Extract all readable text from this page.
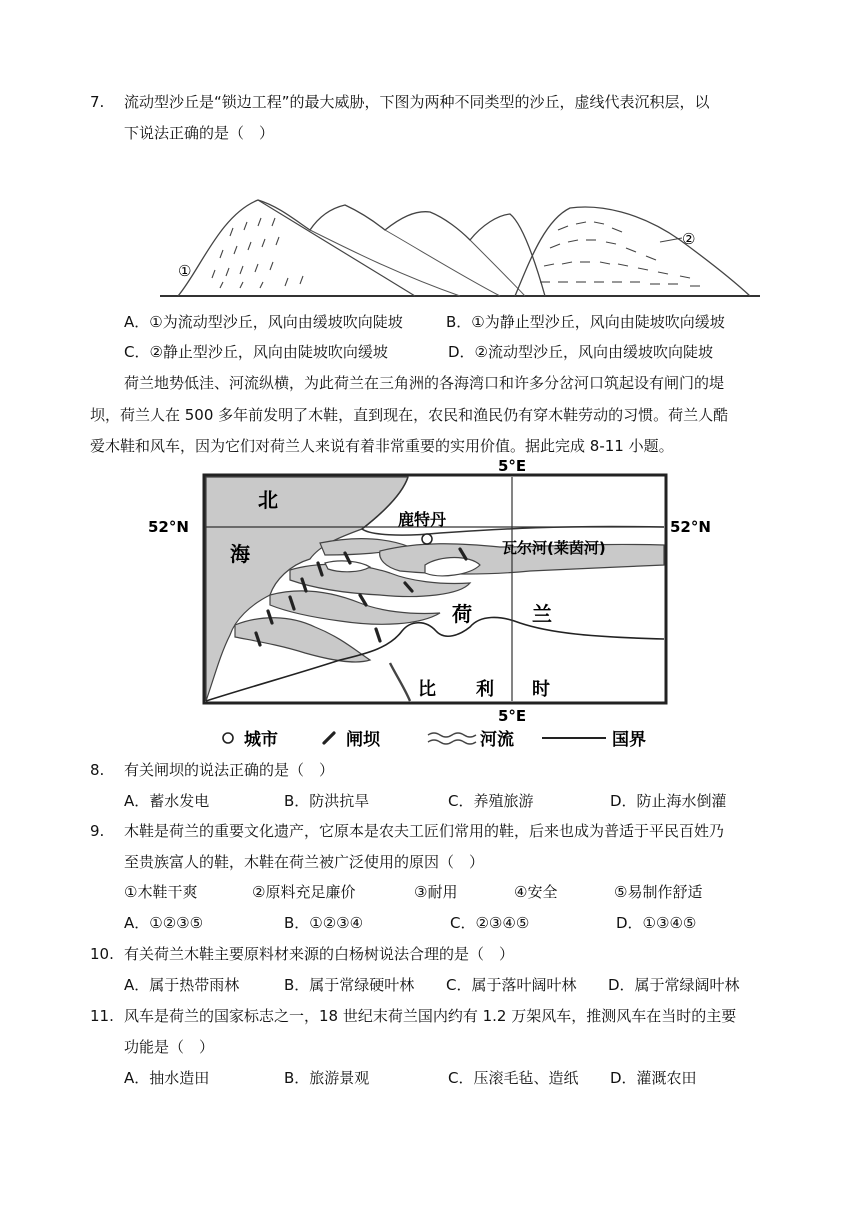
7. 流动型沙丘是“锁边工程”的最大威胁，下图为两种不同类型的沙丘，虚线代表沉积层，以
下说法正确的是（　）
①
②
A．①为流动型沙丘，风向由缓坡吹向陡坡	B．①为静止型沙丘，风向由陡坡吹向缓坡
C．②静止型沙丘，风向由陡坡吹向缓坡	D．②流动型沙丘，风向由缓坡吹向陡坡
荷兰地势低洼、河流纵横，为此荷兰在三角洲的各海湾口和许多分岔河口筑起设有闸门的堤
坝，荷兰人在 500 多年前发明了木鞋，直到现在，农民和渔民仍有穿木鞋劳动的习惯。荷兰人酷
爱木鞋和风车，因为它们对荷兰人来说有着非常重要的实用价值。据此完成 8-11 小题。
5°E
5°E
52°N	52°N
北
海
鹿特丹
瓦尔河(莱茵河)
荷	兰
比 利 时
城市	闸坝	河流	国界
8. 有关闸坝的说法正确的是（　）
A．蓄水发电	B．防洪抗旱	C．养殖旅游	D．防止海水倒灌
9. 木鞋是荷兰的重要文化遗产，它原本是农夫工匠们常用的鞋，后来也成为普适于平民百姓乃
至贵族富人的鞋，木鞋在荷兰被广泛使用的原因（　）
①木鞋干爽	②原料充足廉价	③耐用	④安全	⑤易制作舒适
A．①②③⑤	B．①②③④	C．②③④⑤	D．①③④⑤
10. 有关荷兰木鞋主要原料材来源的白杨树说法合理的是（　）
A．属于热带雨林	B．属于常绿硬叶林 C．属于落叶阔叶林 D．属于常绿阔叶林
11. 风车是荷兰的国家标志之一，18 世纪末荷兰国内约有 1.2 万架风车，推测风车在当时的主要
功能是（　）
A．抽水造田	B．旅游景观	C．压滚毛毡、造纸 D．灌溉农田
